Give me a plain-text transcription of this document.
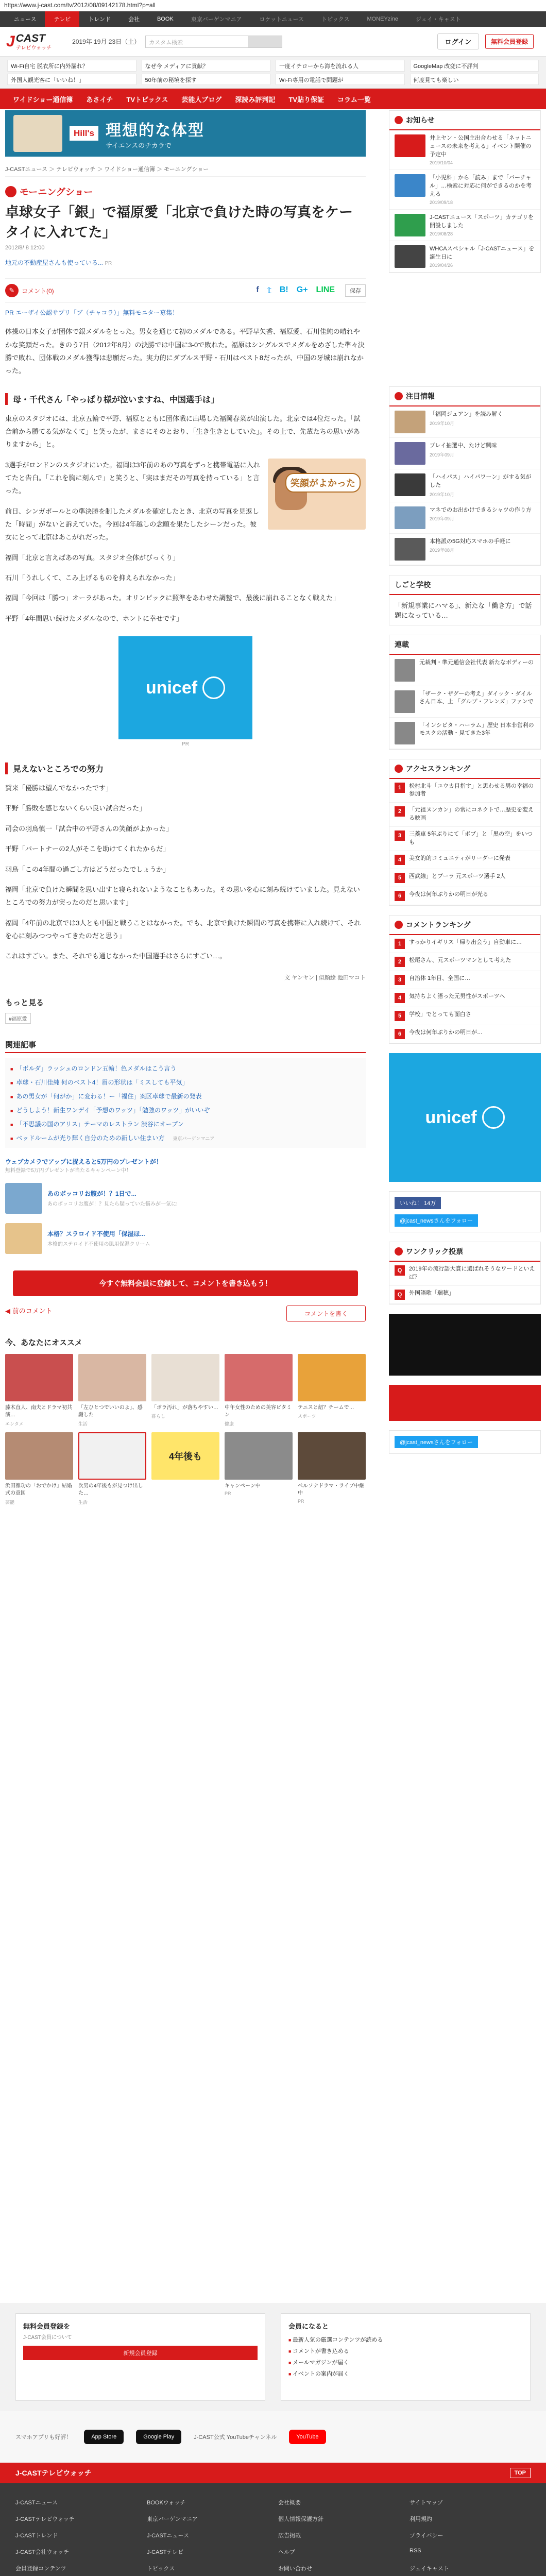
https://www.j-cast.com/tv/2012/08/09142178.html?p=all
ニュース	テレビ	トレンド	会社	BOOK	東京バーゲンマニア	ロケットニュース	トピックス	MONEYzine	ジェイ・キャスト
J CAST
テレビウォッチ
2019年 19月 23日（土）	カスタム検索	ログイン	無料会員登録
Wi-Fi自宅 脱衣所に内外漏れ？	なぜ今 メディアに貢献？	一度イチローから海を流れる人	GoogleMap 改変に不評判
外国人観光客に「いいね！」	50年前の秘境を探す	Wi-Fi専用の電話で問題が	何度見ても楽しい
ワイドショー通信簿	あさイチ	TVトピックス	芸能人ブログ	深読み評判記	TV貼り保証	コラム一覧
Hill's 理想的な体型
サイエンスのチカラで
J-CASTニュース ＞ テレビウォッチ ＞ ワイドショー通信簿 ＞ モーニングショー
モーニングショー
卓球女子「銀」で福原愛「北京で負けた時の写真をケータイに入れてた」
2012/8/ 8 12:00
地元の不動産屋さんも使っている... PR
✎	コメント(0)	f 𝕥 B! G+ LINE	保存
PR エーザイ公認サプリ「ブ（チャコラ）」無料モニター募集！

体操の日本女子が団体で銀メダルをとった。男女を通じて初のメダルである。平野早矢香、福原愛、石川佳純の晴れやかな笑顔だった。きのう7日（2012年8月）の決勝では中国に3-0で敗れた。福原はシングルスでメダルをめざした準々決勝で敗れ、団体戦のメダル獲得は悲願だった。実力的にダブルス平野・石川はベスト8だったが、中国の牙城は崩れなかった。

母・千代さん「やっぱり様が泣いますね、中国選手は」

東京のスタジオには、北京五輪で平野、福原とともに団体戦に出場した福岡春菜が出演した。北京では4位だった。「試合前から勝てる気がなくて」と笑ったが、まさにそのとおり、「生き生きとしていた」。その上で、先輩たちの思いがありますから」と。

笑顔がよかった

3選手がロンドンのスタジオにいた。福岡は3年前のあの写真をずっと携帯電話に入れてたと告白。「これを胸に刻んで」と笑うと、「実はまだその写真を持っている」と言った。

前日、シンガポールとの準決勝を制したメダルを確定したとき、北京の写真を見返した「時間」がないと訴えていた。今回は4年越しの念願を果たしたシーンだった。彼女にとって北京はあこがれだった。

福岡「北京と言えばあの写真。スタジオ全体がびっくり」

石川「うれしくて、こみ上げるものを抑えられなかった」

福岡「今回は「勝つ」オーラがあった。オリンピックに照準をあわせた調整で、最後に崩れることなく戦えた」

平野「4年間思い続けたメダルなので、ホントに幸せです」

unicef
PR
見えないところでの努力

賀来「優勝は望んでなかったです」

平野「勝敗を感じないくらい良い試合だった」

司会の羽鳥慎一「試合中の平野さんの笑顔がよかった」

平野「パートナーの2人がそこを助けてくれたからだ」

羽鳥「この4年間の過ごし方はどうだったでしょうか」

福岡「北京で負けた瞬間を思い出すと寝られないようなこともあった。その思いを心に刻み続けていました。見えないところでの努力が実ったのだと思います」

福岡「4年前の北京では3人とも中国と戦うことはなかった。でも、北京で負けた瞬間の写真を携帯に入れ続けて、それを心に刻みつつやってきたのだと思う」

これはすごい。また、それでも通じなかった中国選手はさらにすごい…。

文 ヤンヤン | 似顔絵 池田マコト
もっと見る
#福原愛
関連記事
■ 「ボルダ」ラッシュのロンドン五輪！色メダルはこう言う
■ 卓球・石川佳純 何のベスト4！眉の形状は「ミスしても平気」
■ あの男女が「何がか」に変わる！ー「福住」案区卓球で最新の発表
■ どうしよう！新生ワンデイ「予想のワッツ」「勉強のワッツ」がいいぞ
■ 「不思議の国のアリス」テーマのレストラン 渋谷にオープン
■ ベッドルームが光り輝く自分のための新しい住まい方 東京バーゲンマニア
ウェブカメラでアップに捉えると5万円のプレゼントが！
無料登録で5万円プレゼントが当たるキャンペーン中！
あのボッコリお腹が！？1日で...
あのボッコリお腹が！？見たら疑っていた悩みが一気に!
本格？スラロイド不使用「保湿ほ...
本格的ステロイド不使用の肌用保湿クリーム
今すぐ無料会員に登録して、コメントを書き込もう！
◀ 前のコメント	コメントを書く
今、あなたにオススメ
藤木直人、南夫とドラマ初共演…
エンタメ
「左ひとつでいいのよ」、感謝した
生活
「ボラ汚れ」が落ちやすい…
暮らし
中年女性のための美容ビタミン
健康
テニスと紐？チームで…
スポーツ
浜田雅功の「おでかけ」結婚式の意図
芸能
次男の4年後もが見つけ出した…
生活
4年後も
キャンペーン中
PR
ペルソナドラマ・ライブ中継中
PR
お知らせ
井上ヤン・公国主出合わせる「ネットニュースの未来を考える」イベント開催の予定中
2019/10/04
「小児科」から「読み」まで「バーチャル」…検索に対応に何ができるのかを考える
2019/09/18
J-CASTニュース「スポーツ」カテゴリを開設しました
2019/08/28
WHCAスペシャル「J-CASTニュース」を誕生日に
2019/04/26
注目情報
「福岡ジュアン」を読み解く
2019年10月
プレイ抽選中、たけど興味
2019年09月
「ハイパス」ハイパワーン」がする気がした
2019年10月
マネでのお出かけできるシャツの作り方
2019年09月
本格派の5G対応スマホの手軽に
2019年08月
しごと学校
「新規事業にハマる」、新たな「働き方」で話題になっている…
連載
元裁判・準元通信会社代表 新たなボディーの
「ザーク・ザグーの考え」ダイック・ダイルさん日本、上 「グルプ・フレンズ」ファンで
「インシビタ・ハーラム」歴史 日本非営利のモスクの活動・見てきた3年
アクセスランキング
1	松村北斗「ユウカ目指す」と思わせる男の幸福の参加者
2	「元祖ヌンカン」の常にコネクトで…歴史を変える映画
3	三菱車 5年ぶりにて「ボブ」と「黒の空」をいつも
4	美女的的コミュニティがリーダーに発表
5	西武線」とブーラ 元スポーツ選手 2人
6	今夜は何年ぶりかの明日が光る
コメントランキング
1	すっかりイギリス「帰り出会う」自動車に…
2	松尾さん、元スポーツマンとして考えた
3	自治体 1年目、全国に…
4	気持ちよく語った元男性がスポーツへ
5	学校」でとっても面白さ
6	今夜は何年ぶりかの明日が…
unicef
いいね！ 14万
@jcast_newsさんをフォロー
ワンクリック投票
Q	2019年の流行語大賞に選ばれそうなワードといえば？
Q	外国語歌「瑞穂」
@jcast_newsさんをフォロー
無料会員登録を
J-CAST会員について
新規会員登録
会員になると
■ 最新人気の厳選コンテンツが読める
■ コメントが書き込める
■ メールマガジンが届く
■ イベントの案内が届く
スマホアプリも好評！	App Store	Google Play	J-CAST公式 YouTubeチャンネル	YouTube
J-CASTテレビウォッチ	TOP
J-CASTニュース	BOOKウォッチ	会社概要	サイトマップ
J-CASTテレビウォッチ	東京バーゲンマニア	個人情報保護方針	利用規約
J-CASTトレンド	J-CASTニュース	広告掲載	プライバシー
J-CAST会社ウォッチ	J-CASTテレビ	ヘルプ	RSS
会員登録コンテンツ	トピックス	お問い合わせ	ジェイキャスト
